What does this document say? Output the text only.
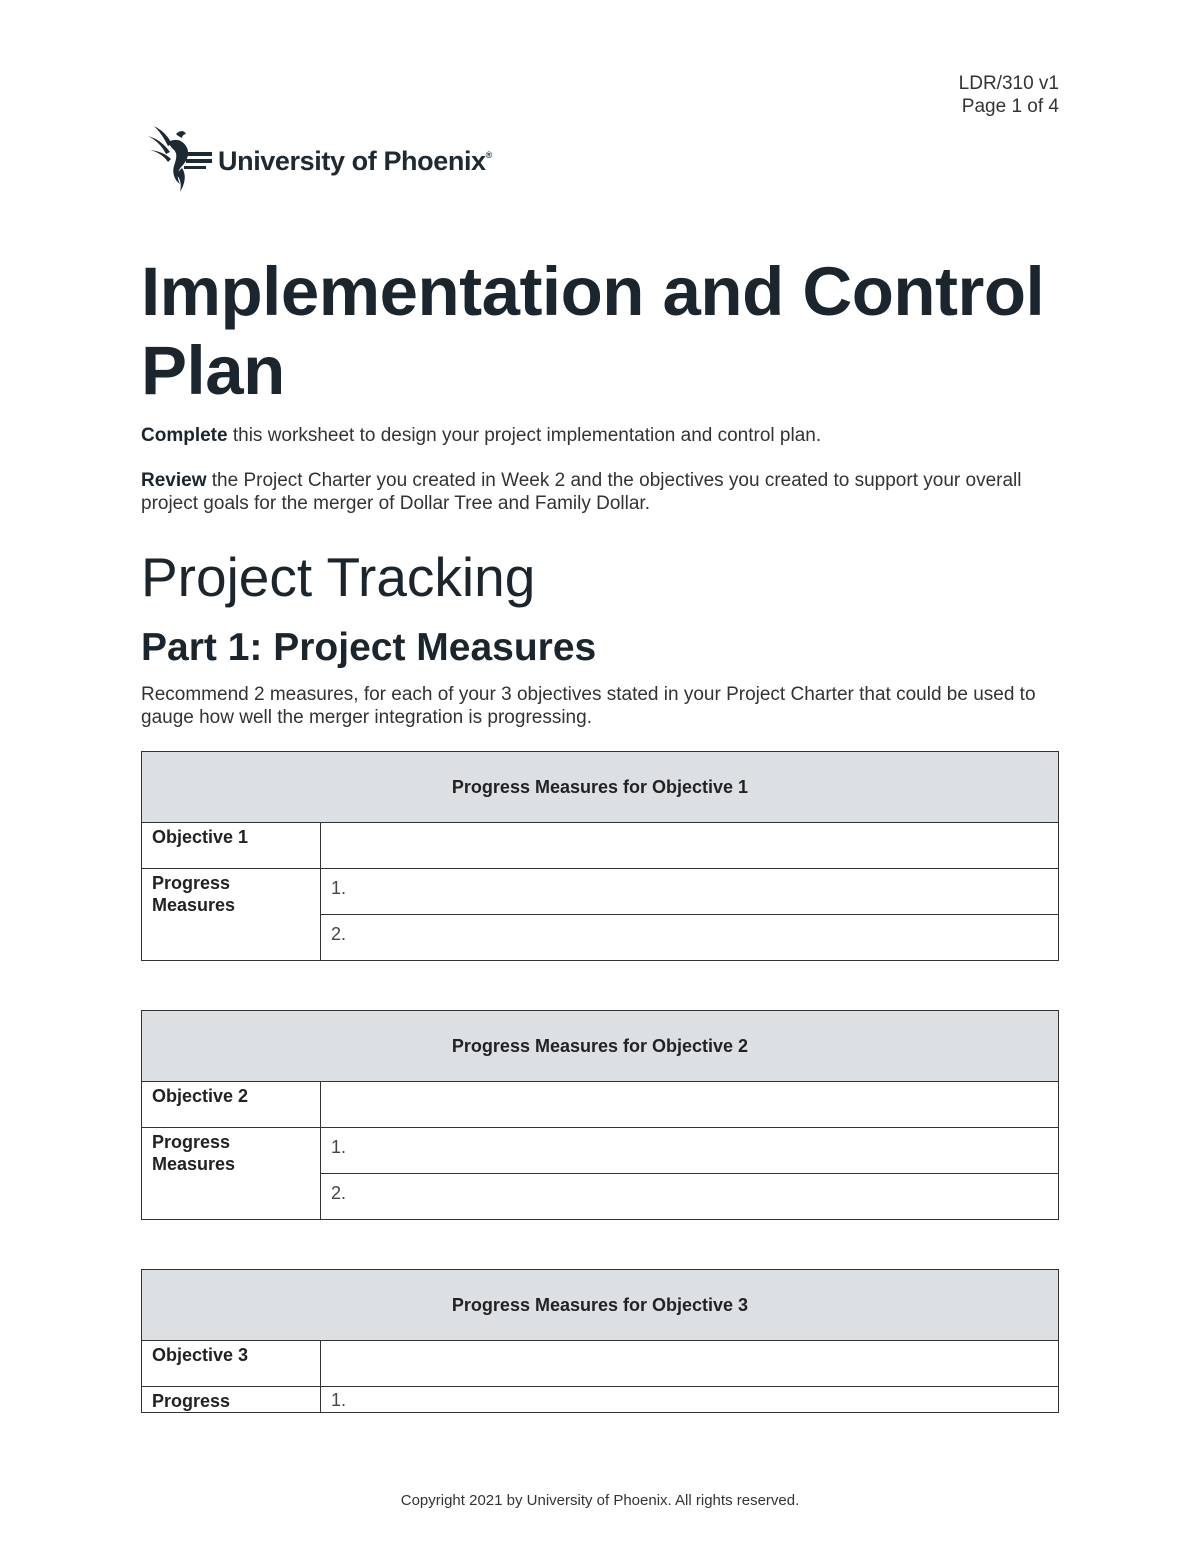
LDR/310 v1
Page 1 of 4
University of Phoenix®
Implementation and Control Plan

Complete this worksheet to design your project implementation and control plan.

Review the Project Charter you created in Week 2 and the objectives you created to support your overall project goals for the merger of Dollar Tree and Family Dollar.

Project Tracking
Part 1: Project Measures

Recommend 2 measures, for each of your 3 objectives stated in your Project Charter that could be used to gauge how well the merger integration is progressing.

Progress Measures for Objective 1	
Objective 1	
Progress Measures	1.
	2.
Progress Measures for Objective 2	
Objective 2	
Progress Measures	1.
	2.
Progress Measures for Objective 3	
Objective 3	
Progress	1.
Copyright 2021 by University of Phoenix. All rights reserved.
